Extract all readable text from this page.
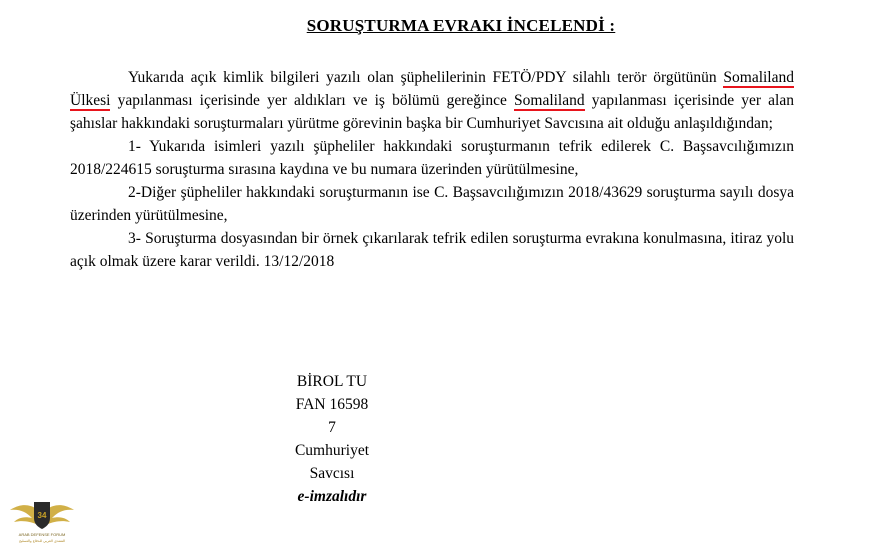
SORUŞTURMA EVRAKI İNCELENDİ :

Yukarıda açık kimlik bilgileri yazılı olan şüphelilerinin FETÖ/PDY silahlı terör örgütünün Somaliland Ülkesi yapılanması içerisinde yer aldıkları ve iş bölümü gereğince Somaliland yapılanması içerisinde yer alan şahıslar hakkındaki soruşturmaları yürütme görevinin başka bir Cumhuriyet Savcısına ait olduğu anlaşıldığından;

1- Yukarıda isimleri yazılı şüpheliler hakkındaki soruşturmanın tefrik edilerek C. Başsavcılığımızın 2018/224615 soruşturma sırasına kaydına ve bu numara üzerinden yürütülmesine,

2-Diğer şüpheliler hakkındaki soruşturmanın ise C. Başsavcılığımızın 2018/43629 soruşturma sayılı dosya üzerinden yürütülmesine,

3- Soruşturma dosyasından bir örnek çıkarılarak tefrik edilen soruşturma evrakına konulmasına, itiraz yolu açık olmak üzere karar verildi. 13/12/2018

BİROL TU
FAN 16598
7
Cumhuriyet
Savcısı
e-imzalıdır
34
ARAB DEFENSE FORUM
المنتدى العربي للدفاع والتسليح
